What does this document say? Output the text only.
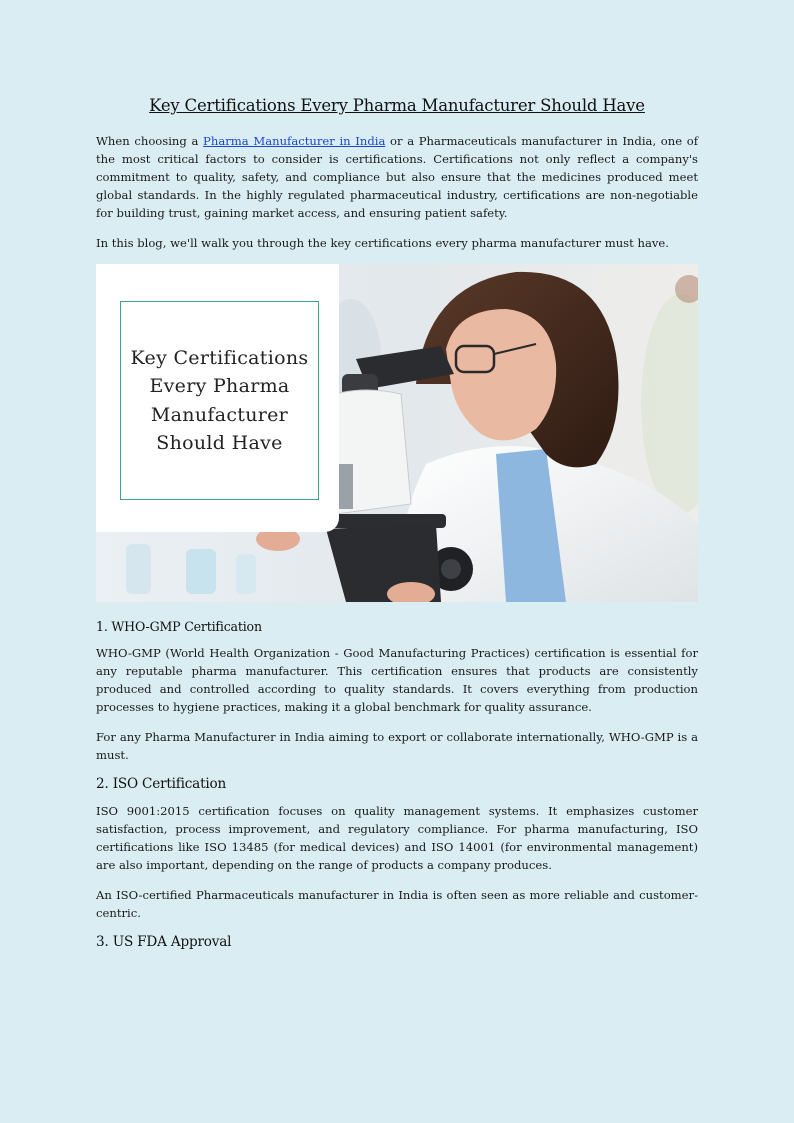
Key Certifications Every Pharma Manufacturer Should Have

When choosing a Pharma Manufacturer in India or a Pharmaceuticals manufacturer in India, one of the most critical factors to consider is certifications. Certifications not only reflect a company's commitment to quality, safety, and compliance but also ensure that the medicines produced meet global standards. In the highly regulated pharmaceutical industry, certifications are non-negotiable for building trust, gaining market access, and ensuring patient safety.

In this blog, we'll walk you through the key certifications every pharma manufacturer must have.

Key Certifications Every Pharma Manufacturer Should Have
1. WHO-GMP Certification

WHO-GMP (World Health Organization - Good Manufacturing Practices) certification is essential for any reputable pharma manufacturer. This certification ensures that products are consistently produced and controlled according to quality standards. It covers everything from production processes to hygiene practices, making it a global benchmark for quality assurance.

For any Pharma Manufacturer in India aiming to export or collaborate internationally, WHO-GMP is a must.

2. ISO Certification

ISO 9001:2015 certification focuses on quality management systems. It emphasizes customer satisfaction, process improvement, and regulatory compliance. For pharma manufacturing, ISO certifications like ISO 13485 (for medical devices) and ISO 14001 (for environmental management) are also important, depending on the range of products a company produces.

An ISO-certified Pharmaceuticals manufacturer in India is often seen as more reliable and customer-centric.

3. US FDA Approval
